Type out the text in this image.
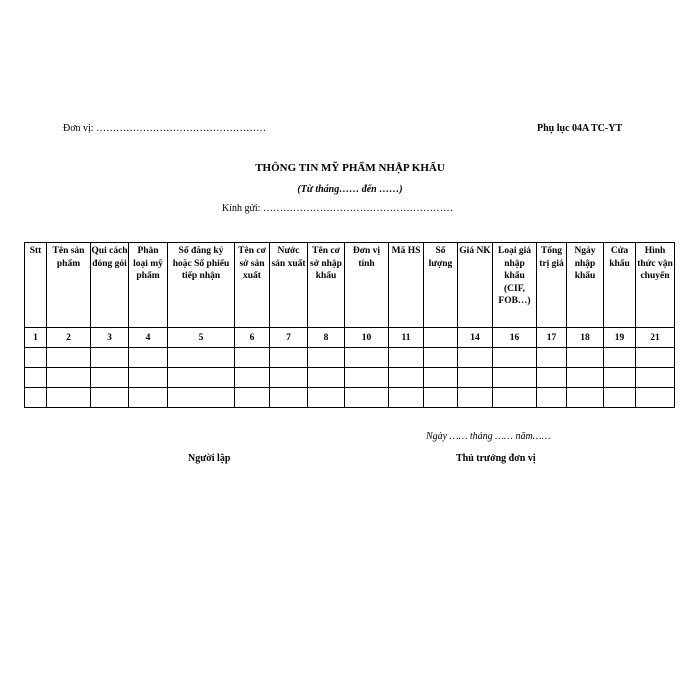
Đơn vị: ……………………………………………	Phụ lục 04A TC-YT
THÔNG TIN MỸ PHẨM NHẬP KHẨU
(Từ tháng…… đến ……)
Kính gửi: …………………………………………………
Stt	Tên sản phẩm	Qui cách đóng gói	Phân loại mỹ phẩm	Số đăng ký hoặc Số phiếu tiếp nhận	Tên cơ sở sản xuất	Nước sản xuất	Tên cơ sở nhập khẩu	Đơn vị tính	Mã HS	Số lượng	Giá NK	Loại giá nhập khẩu (CIF, FOB…)	Tổng trị giá	Ngày nhập khẩu	Cửa khẩu	Hình thức vận chuyển
1	2	3	4	5	6	7	8	10	11		14	16	17	18	19	21

Ngày …… tháng …… năm……
Người lập	Thủ trưởng đơn vị
